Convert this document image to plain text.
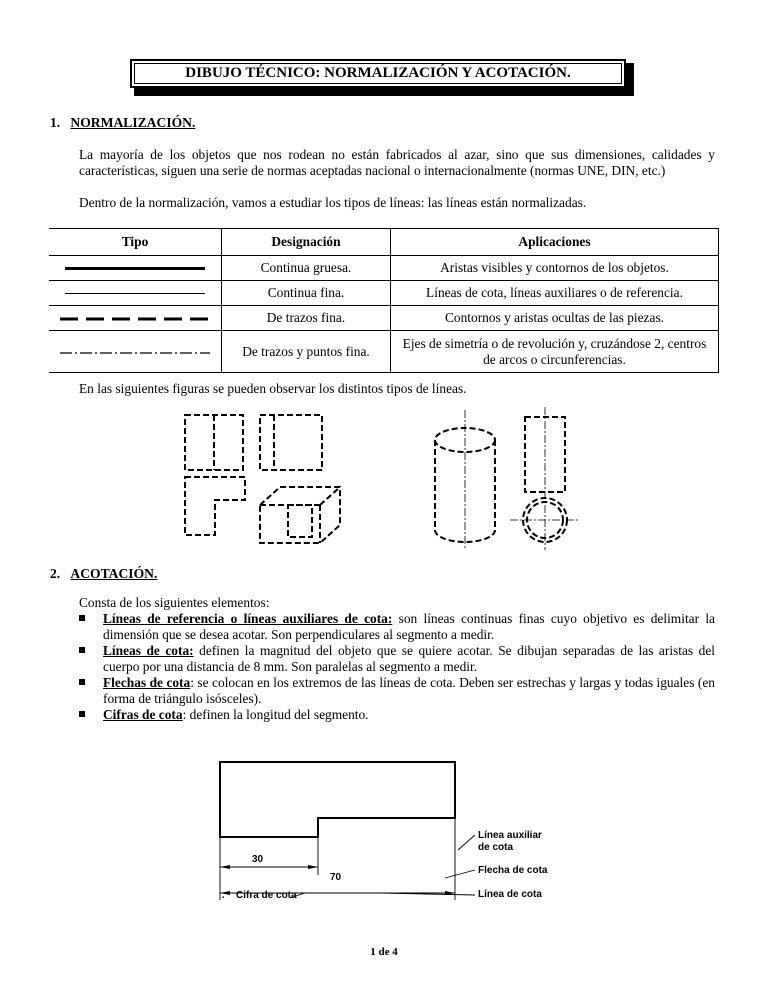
DIBUJO TÉCNICO: NORMALIZACIÓN Y ACOTACIÓN.
1. NORMALIZACIÓN.

La mayoría de los objetos que nos rodean no están fabricados al azar, sino que sus dimensiones, calidades y características, siguen una serie de normas aceptadas nacional o internacionalmente (normas UNE, DIN, etc.)

Dentro de la normalización, vamos a estudiar los tipos de líneas: las líneas están normalizadas.

Tipo	Designación	Aplicaciones

	Continua gruesa.	Aristas visibles y contornos de los objetos.

	Continua fina.	Líneas de cota, líneas auxiliares o de referencia.
	De trazos fina.	Contornos y aristas ocultas de las piezas.
	De trazos y puntos fina.	Ejes de simetría o de revolución y, cruzándose 2, centros de arcos o circunferencias.

En las siguientes figuras se pueden observar los distintos tipos de líneas.

2. ACOTACIÓN.

Consta de los siguientes elementos:

Líneas de referencia o líneas auxiliares de cota: son líneas continuas finas cuyo objetivo es delimitar la dimensión que se desea acotar. Son perpendiculares al segmento a medir.
Líneas de cota: definen la magnitud del objeto que se quiere acotar. Se dibujan separadas de las aristas del cuerpo por una distancia de 8 mm. Son paralelas al segmento a medir.
Flechas de cota: se colocan en los extremos de las líneas de cota. Deben ser estrechas y largas y todas iguales (en forma de triángulo isósceles).
Cifras de cota: definen la longitud del segmento.
30
70
Línea auxiliar
de cota
Flecha de cota
Línea de cota
Cifra de cota
.
1 de 4
